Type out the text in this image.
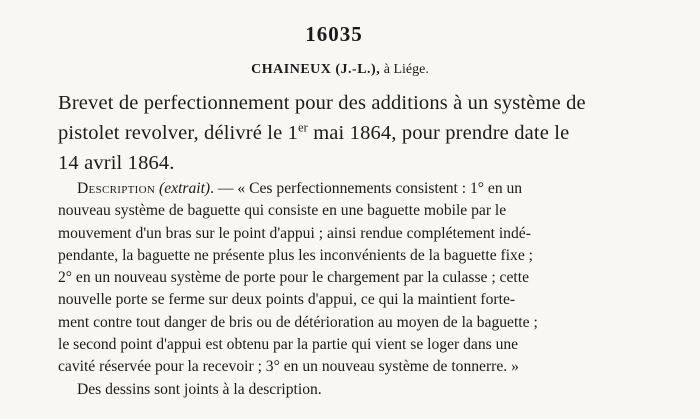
16035
CHAINEUX (J.-L.), à Liége.
Brevet de perfectionnement pour des additions à un système de
pistolet revolver, délivré le 1er mai 1864, pour prendre date le
14 avril 1864.
Description (extrait). — « Ces perfectionnements consistent : 1° en un
nouveau système de baguette qui consiste en une baguette mobile par le
mouvement d'un bras sur le point d'appui ; ainsi rendue complétement indé-
pendante, la baguette ne présente plus les inconvénients de la baguette fixe ;
2° en un nouveau système de porte pour le chargement par la culasse ; cette
nouvelle porte se ferme sur deux points d'appui, ce qui la maintient forte-
ment contre tout danger de bris ou de détérioration au moyen de la baguette ;
le second point d'appui est obtenu par la partie qui vient se loger dans une
cavité réservée pour la recevoir ; 3° en un nouveau système de tonnerre. »
Des dessins sont joints à la description.
